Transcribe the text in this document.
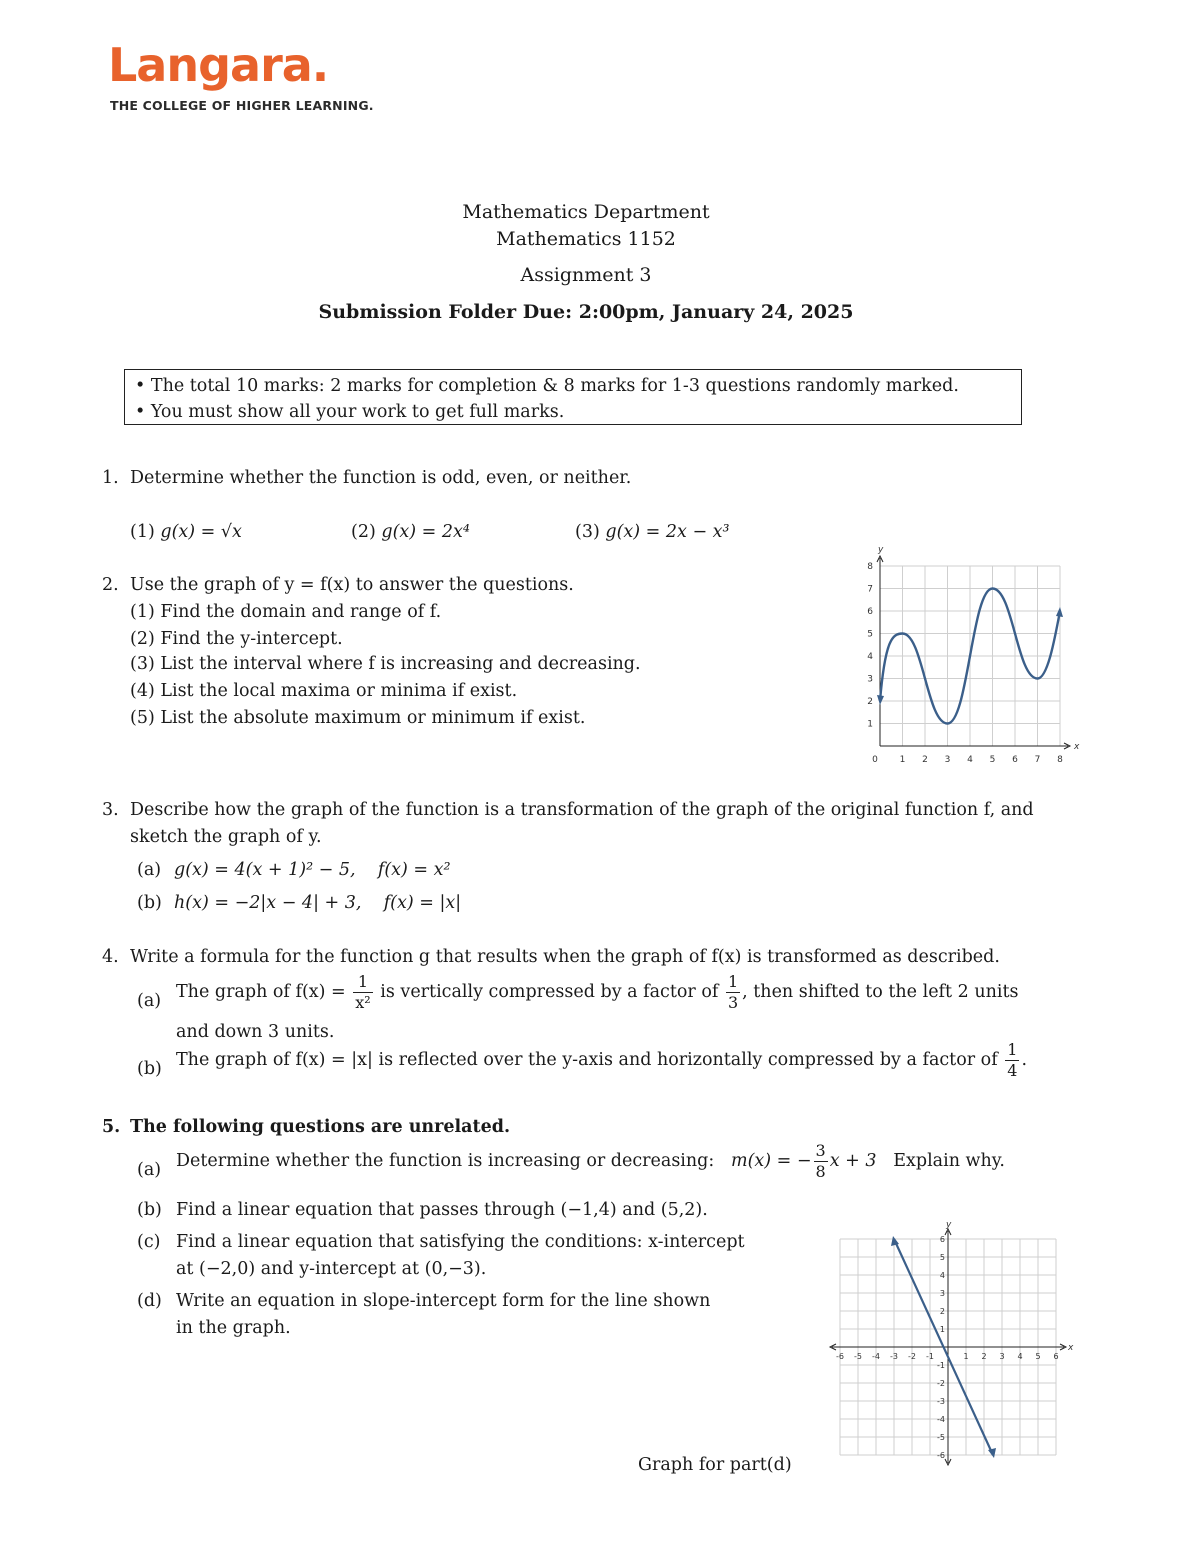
Langara.
THE COLLEGE OF HIGHER LEARNING.
Mathematics Department
Mathematics 1152
Assignment 3
Submission Folder Due: 2:00pm, January 24, 2025
• The total 10 marks: 2 marks for completion & 8 marks for 1-3 questions randomly marked.
• You must show all your work to get full marks.
1. Determine whether the function is odd, even, or neither.
(1) g(x) = √x	(2) g(x) = 2x⁴	(3) g(x) = 2x − x³
2. Use the graph of y = f(x) to answer the questions.
(1) Find the domain and range of f.
(2) Find the y-intercept.
(3) List the interval where f is increasing and decreasing.
(4) List the local maxima or minima if exist.
(5) List the absolute maximum or minimum if exist.
0 1 2 3 4 5 6 7 8
1
2
3
4
5
6
7
8
x
y
3. Describe how the graph of the function is a transformation of the graph of the original function f, and
sketch the graph of y.
(a) g(x) = 4(x + 1)² − 5,    f(x) = x²
(b) h(x) = −2|x − 4| + 3,    f(x) = |x|
4. Write a formula for the function g that results when the graph of f(x) is transformed as described.
(a) The graph of $f(x) = \frac{1}{\text{x²}}$ is vertically compressed by a factor of $\frac{1}{3}$ , then shifted to the left 2 units
and down 3 units.
(b) The graph of f(x) = |x| is reflected over the y-axis and horizontally compressed by a factor of $\frac{1}{4}$ .
5. The following questions are unrelated.
(a) Determine whether the function is increasing or decreasing: m(x) = − $\frac{3}{8}$ x + 3 Explain why.
(b) Find a linear equation that passes through (−1,4) and (5,2).
(c) Find a linear equation that satisfying the conditions: x-intercept
at (−2,0) and y-intercept at (0,−3).
(d) Write an equation in slope-intercept form for the line shown
in the graph.
-6 -5 -4 -3 -2 -1	1 2 3 4 5 6
-6
-5
-4
-3
-2
-1
1
2
3
4
5
6
x
y
Graph for part(d)
